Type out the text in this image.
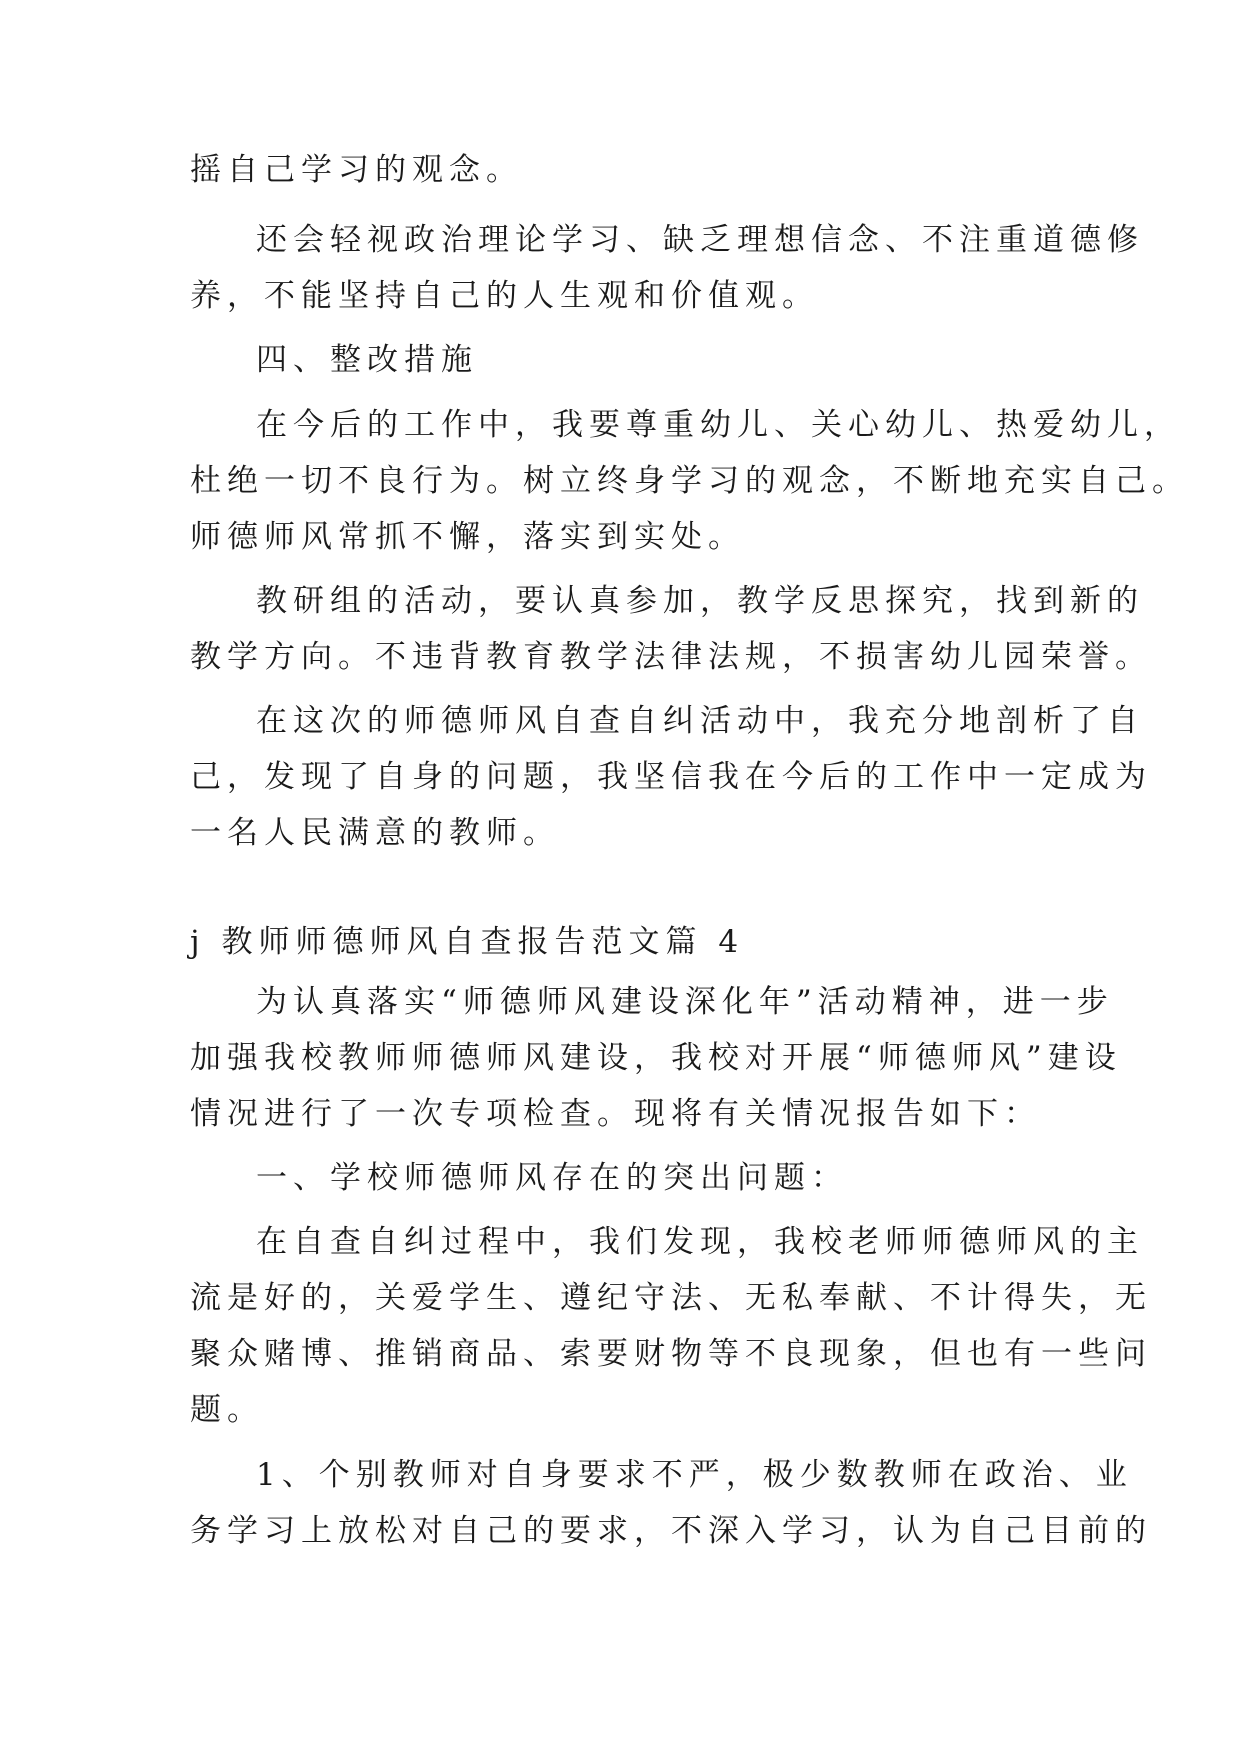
摇自己学习的观念。
还会轻视政治理论学习、缺乏理想信念、不注重道德修
养，不能坚持自己的人生观和价值观。
四、整改措施
在今后的工作中，我要尊重幼儿、关心幼儿、热爱幼儿，
杜绝一切不良行为。树立终身学习的观念，不断地充实自己。
师德师风常抓不懈，落实到实处。
教研组的活动，要认真参加，教学反思探究，找到新的
教学方向。不违背教育教学法律法规，不损害幼儿园荣誉。
在这次的师德师风自查自纠活动中，我充分地剖析了自
己，发现了自身的问题，我坚信我在今后的工作中一定成为
一名人民满意的教师。
j 教师师德师风自查报告范文篇 4
为认真落实“师德师风建设深化年”活动精神，进一步
加强我校教师师德师风建设，我校对开展“师德师风”建设
情况进行了一次专项检查。现将有关情况报告如下：
一、学校师德师风存在的突出问题：
在自查自纠过程中，我们发现，我校老师师德师风的主
流是好的，关爱学生、遵纪守法、无私奉献、不计得失，无
聚众赌博、推销商品、索要财物等不良现象，但也有一些问
题。
1、个别教师对自身要求不严，极少数教师在政治、业
务学习上放松对自己的要求，不深入学习，认为自己目前的
